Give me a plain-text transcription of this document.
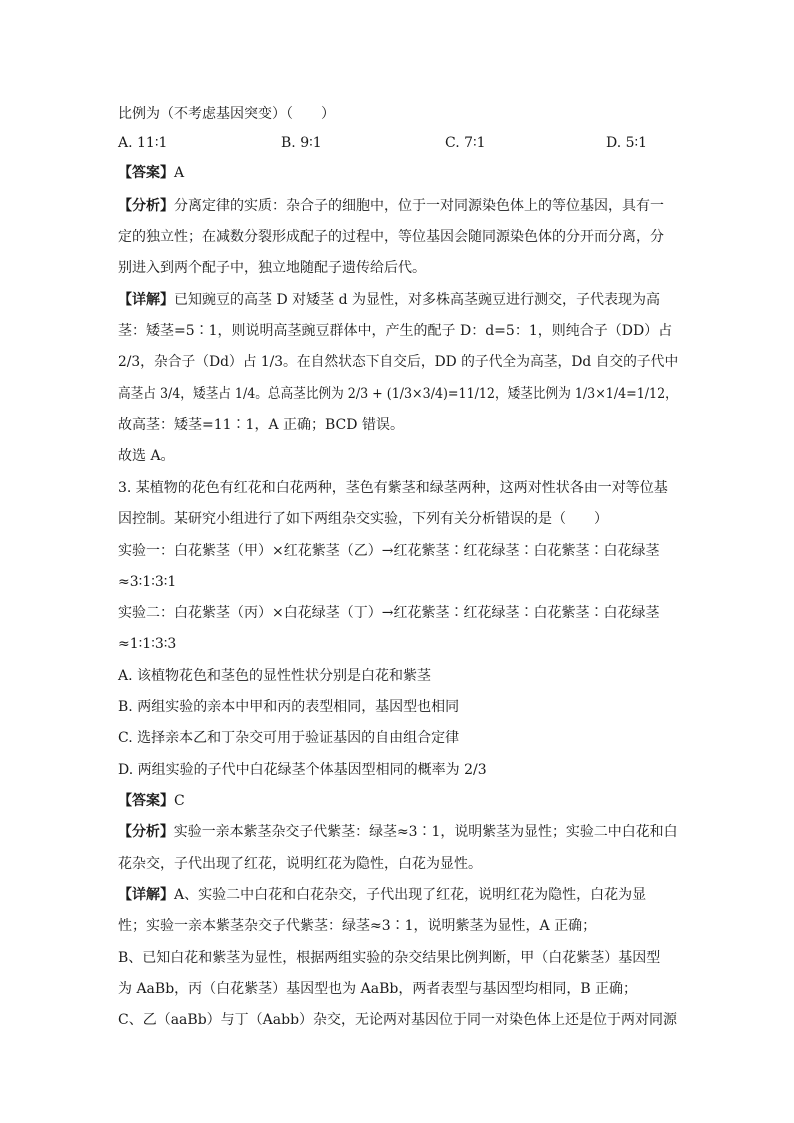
比例为（不考虑基因突变）（　　）
A. 11∶1	B. 9∶1	C. 7∶1	D. 5∶1
【答案】A
【分析】分离定律的实质：杂合子的细胞中，位于一对同源染色体上的等位基因，具有一
定的独立性；在减数分裂形成配子的过程中，等位基因会随同源染色体的分开而分离，分
别进入到两个配子中，独立地随配子遗传给后代。
【详解】已知豌豆的高茎 D 对矮茎 d 为显性，对多株高茎豌豆进行测交，子代表现为高
茎：矮茎=5∶1，则说明高茎豌豆群体中，产生的配子 D：d=5：1，则纯合子（DD）占
2/3，杂合子（Dd）占 1/3。在自然状态下自交后，DD 的子代全为高茎，Dd 自交的子代中
高茎占 3/4，矮茎占 1/4。总高茎比例为 2/3 + (1/3×3/4)=11/12，矮茎比例为 1/3×1/4=1/12，
故高茎：矮茎=11∶1，A 正确；BCD 错误。
故选 A。
3. 某植物的花色有红花和白花两种，茎色有紫茎和绿茎两种，这两对性状各由一对等位基
因控制。某研究小组进行了如下两组杂交实验，下列有关分析错误的是（　　）
实验一：白花紫茎（甲）×红花紫茎（乙）→红花紫茎∶红花绿茎∶白花紫茎∶白花绿茎
≈3∶1∶3∶1
实验二：白花紫茎（丙）×白花绿茎（丁）→红花紫茎∶红花绿茎∶白花紫茎∶白花绿茎
≈1∶1∶3∶3
A. 该植物花色和茎色的显性性状分别是白花和紫茎
B. 两组实验的亲本中甲和丙的表型相同，基因型也相同
C. 选择亲本乙和丁杂交可用于验证基因的自由组合定律
D. 两组实验的子代中白花绿茎个体基因型相同的概率为 2/3
【答案】C
【分析】实验一亲本紫茎杂交子代紫茎：绿茎≈3∶1，说明紫茎为显性；实验二中白花和白
花杂交，子代出现了红花，说明红花为隐性，白花为显性。
【详解】A、实验二中白花和白花杂交，子代出现了红花，说明红花为隐性，白花为显
性；实验一亲本紫茎杂交子代紫茎：绿茎≈3∶1，说明紫茎为显性，A 正确；
B、已知白花和紫茎为显性，根据两组实验的杂交结果比例判断，甲（白花紫茎）基因型
为 AaBb，丙（白花紫茎）基因型也为 AaBb，两者表型与基因型均相同，B 正确；
C、乙（aaBb）与丁（Aabb）杂交，无论两对基因位于同一对染色体上还是位于两对同源
